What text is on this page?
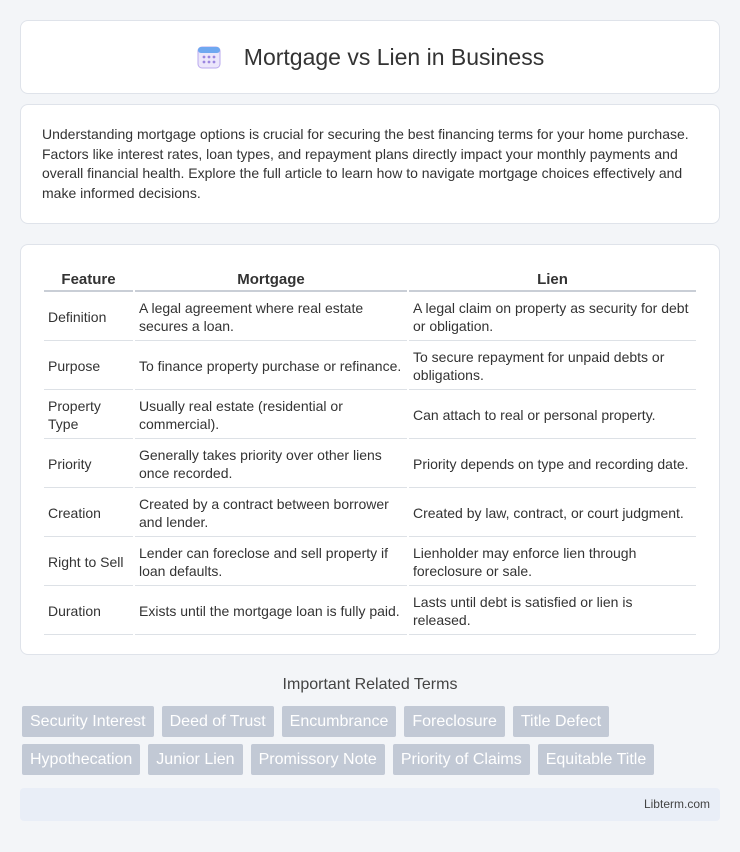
Mortgage vs Lien in Business

Understanding mortgage options is crucial for securing the best financing terms for your home purchase. Factors like interest rates, loan types, and repayment plans directly impact your monthly payments and overall financial health. Explore the full article to learn how to navigate mortgage choices effectively and make informed decisions.

Feature	Mortgage	Lien
Definition	A legal agreement where real estate secures a loan.	A legal claim on property as security for debt or obligation.
Purpose	To finance property purchase or refinance.	To secure repayment for unpaid debts or obligations.
Property Type	Usually real estate (residential or commercial).	Can attach to real or personal property.
Priority	Generally takes priority over other liens once recorded.	Priority depends on type and recording date.
Creation	Created by a contract between borrower and lender.	Created by law, contract, or court judgment.
Right to Sell	Lender can foreclose and sell property if loan defaults.	Lienholder may enforce lien through foreclosure or sale.
Duration	Exists until the mortgage loan is fully paid.	Lasts until debt is satisfied or lien is released.
Important Related Terms
Security Interest	Deed of Trust	Encumbrance	Foreclosure	Title Defect
Hypothecation	Junior Lien	Promissory Note	Priority of Claims	Equitable Title
Libterm.com
